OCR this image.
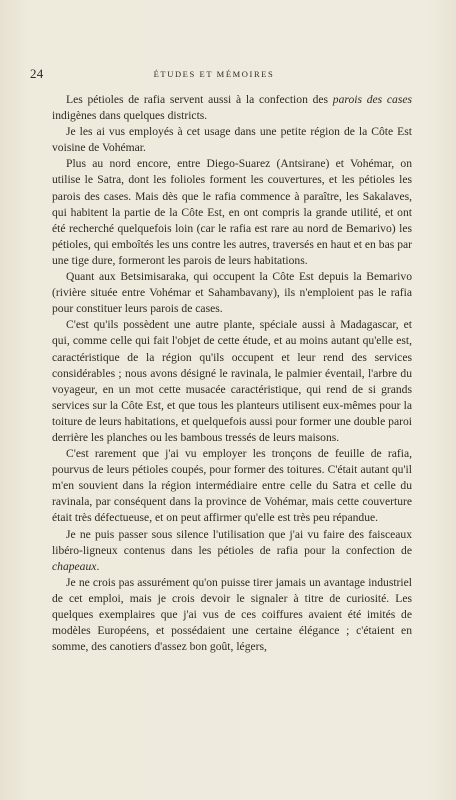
24	ÉTUDES ET MÉMOIRES

Les pétioles de rafia servent aussi à la confection des parois des cases indigènes dans quelques districts.

Je les ai vus employés à cet usage dans une petite région de la Côte Est voisine de Vohémar.

Plus au nord encore, entre Diego-Suarez (Antsirane) et Vohémar, on utilise le Satra, dont les folioles forment les couvertures, et les pétioles les parois des cases. Mais dès que le rafia commence à paraître, les Sakalaves, qui habitent la partie de la Côte Est, en ont compris la grande utilité, et ont été recherché quelquefois loin (car le rafia est rare au nord de Bemarivo) les pétioles, qui emboîtés les uns contre les autres, traversés en haut et en bas par une tige dure, formeront les parois de leurs habitations.

Quant aux Betsimisaraka, qui occupent la Côte Est depuis la Bemarivo (rivière située entre Vohémar et Sahambavany), ils n'emploient pas le rafia pour constituer leurs parois de cases.

C'est qu'ils possèdent une autre plante, spéciale aussi à Madagascar, et qui, comme celle qui fait l'objet de cette étude, et au moins autant qu'elle est, caractéristique de la région qu'ils occupent et leur rend des services considérables ; nous avons désigné le ravinala, le palmier éventail, l'arbre du voyageur, en un mot cette musacée caractéristique, qui rend de si grands services sur la Côte Est, et que tous les planteurs utilisent eux-mêmes pour la toiture de leurs habitations, et quelquefois aussi pour former une double paroi derrière les planches ou les bambous tressés de leurs maisons.

C'est rarement que j'ai vu employer les tronçons de feuille de rafia, pourvus de leurs pétioles coupés, pour former des toitures. C'était autant qu'il m'en souvient dans la région intermédiaire entre celle du Satra et celle du ravinala, par conséquent dans la province de Vohémar, mais cette couverture était très défectueuse, et on peut affirmer qu'elle est très peu répandue.

Je ne puis passer sous silence l'utilisation que j'ai vu faire des faisceaux libéro-ligneux contenus dans les pétioles de rafia pour la confection de chapeaux.

Je ne crois pas assurément qu'on puisse tirer jamais un avantage industriel de cet emploi, mais je crois devoir le signaler à titre de curiosité. Les quelques exemplaires que j'ai vus de ces coiffures avaient été imités de modèles Européens, et possédaient une certaine élégance ; c'étaient en somme, des canotiers d'assez bon goût, légers,
